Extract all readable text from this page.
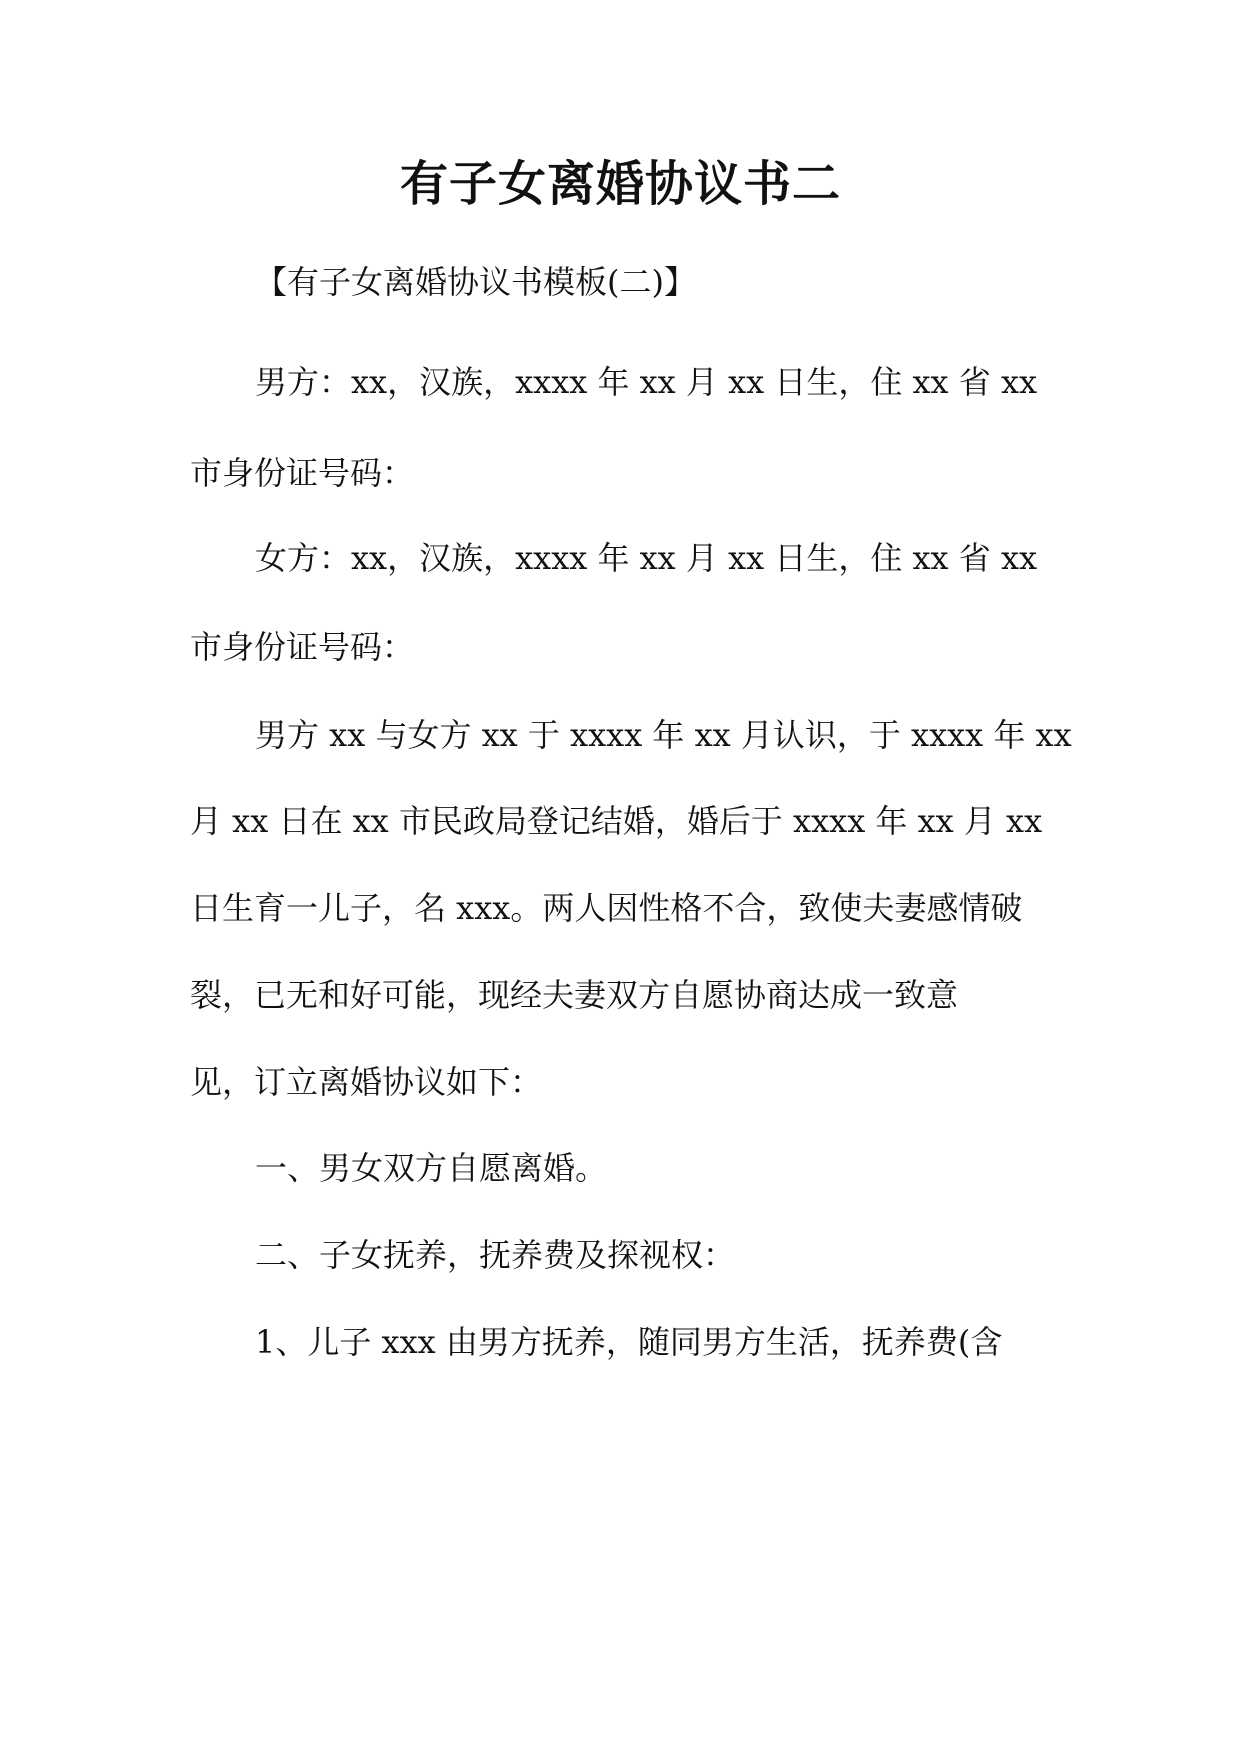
有子女离婚协议书二
【有子女离婚协议书模板(二)】
男方：xx，汉族，xxxx 年 xx 月 xx 日生，住 xx 省 xx
市身份证号码：
女方：xx，汉族，xxxx 年 xx 月 xx 日生，住 xx 省 xx
市身份证号码：
男方 xx 与女方 xx 于 xxxx 年 xx 月认识，于 xxxx 年 xx
月 xx 日在 xx 市民政局登记结婚，婚后于 xxxx 年 xx 月 xx
日生育一儿子，名 xxx。两人因性格不合，致使夫妻感情破
裂，已无和好可能，现经夫妻双方自愿协商达成一致意
见，订立离婚协议如下：
一、男女双方自愿离婚。
二、子女抚养，抚养费及探视权：
1、儿子 xxx 由男方抚养，随同男方生活，抚养费(含
